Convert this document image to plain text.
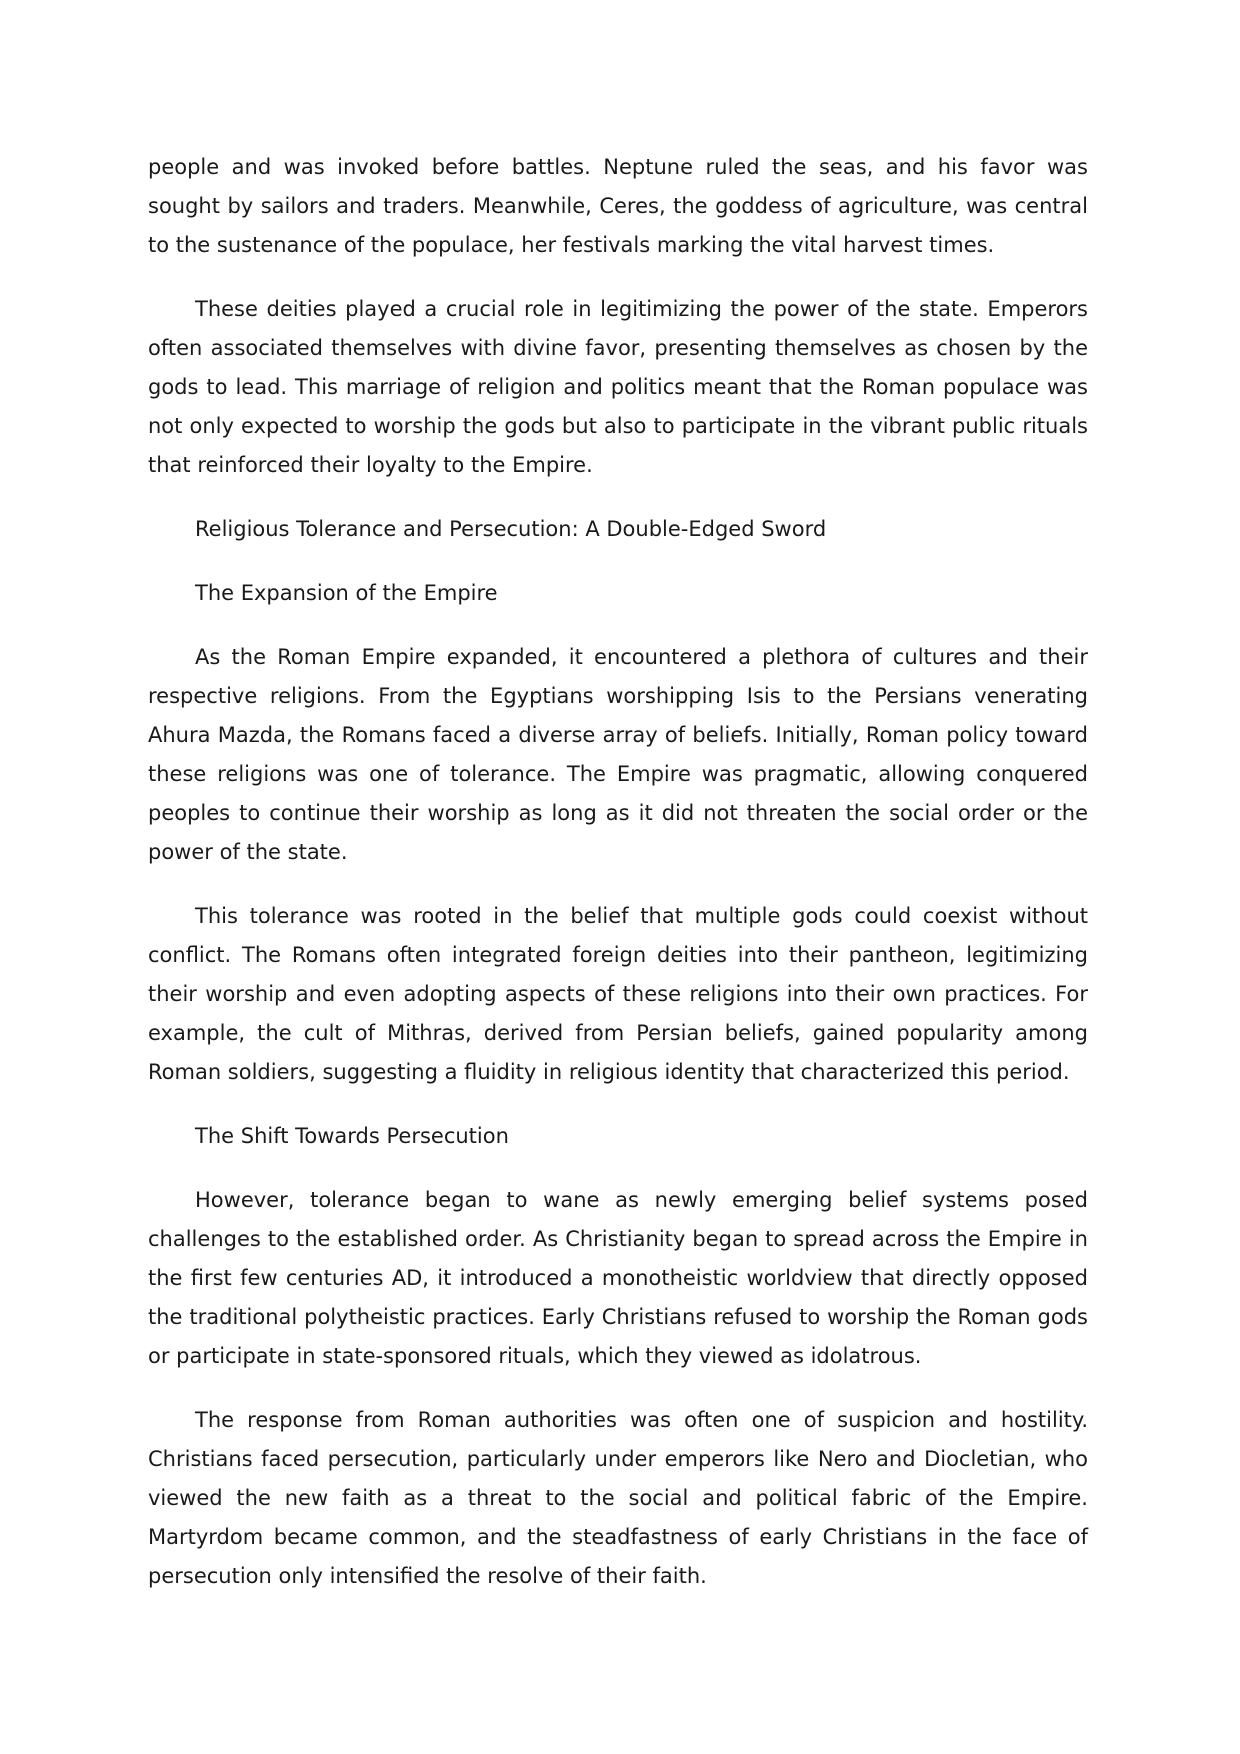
people and was invoked before battles. Neptune ruled the seas, and his favor was sought by sailors and traders. Meanwhile, Ceres, the goddess of agriculture, was central to the sustenance of the populace, her festivals marking the vital harvest times.

These deities played a crucial role in legitimizing the power of the state. Emperors often associated themselves with divine favor, presenting themselves as chosen by the gods to lead. This marriage of religion and politics meant that the Roman populace was not only expected to worship the gods but also to participate in the vibrant public rituals that reinforced their loyalty to the Empire.

Religious Tolerance and Persecution: A Double-Edged Sword

The Expansion of the Empire

As the Roman Empire expanded, it encountered a plethora of cultures and their respective religions. From the Egyptians worshipping Isis to the Persians venerating Ahura Mazda, the Romans faced a diverse array of beliefs. Initially, Roman policy toward these religions was one of tolerance. The Empire was pragmatic, allowing conquered peoples to continue their worship as long as it did not threaten the social order or the power of the state.

This tolerance was rooted in the belief that multiple gods could coexist without conflict. The Romans often integrated foreign deities into their pantheon, legitimizing their worship and even adopting aspects of these religions into their own practices. For example, the cult of Mithras, derived from Persian beliefs, gained popularity among Roman soldiers, suggesting a fluidity in religious identity that characterized this period.

The Shift Towards Persecution

However, tolerance began to wane as newly emerging belief systems posed challenges to the established order. As Christianity began to spread across the Empire in the first few centuries AD, it introduced a monotheistic worldview that directly opposed the traditional polytheistic practices. Early Christians refused to worship the Roman gods or participate in state-sponsored rituals, which they viewed as idolatrous.

The response from Roman authorities was often one of suspicion and hostility. Christians faced persecution, particularly under emperors like Nero and Diocletian, who viewed the new faith as a threat to the social and political fabric of the Empire. Martyrdom became common, and the steadfastness of early Christians in the face of persecution only intensified the resolve of their faith.
